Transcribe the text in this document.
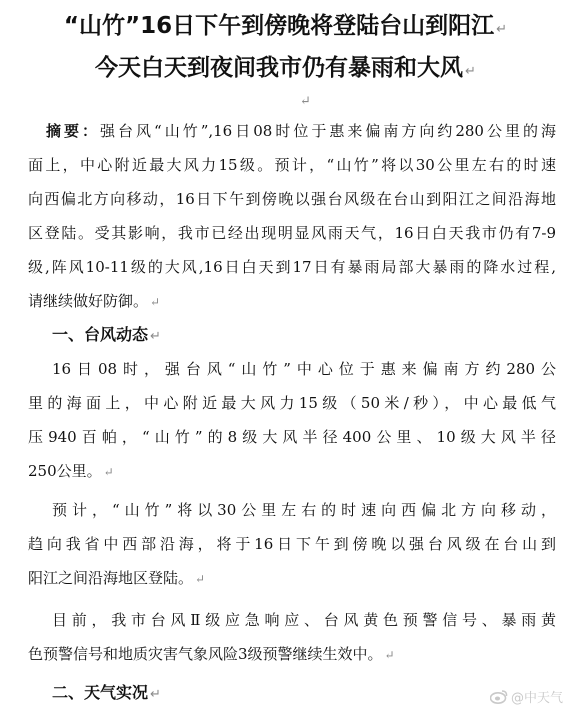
“山竹”16日下午到傍晚将登陆台山到阳江 ↵
今天白天到夜间我市仍有暴雨和大风 ↵
↵
摘要：强台风“山竹”,16日08时位于惠来偏南方向约280公里的海
面上，中心附近最大风力15级。预计，“山竹”将以30公里左右的时速
向西偏北方向移动，16日下午到傍晚以强台风级在台山到阳江之间沿海地
区登陆。受其影响，我市已经出现明显风雨天气，16日白天我市仍有7-9
级,阵风10-11级的大风,16日白天到17日有暴雨局部大暴雨的降水过程,
请继续做好防御。 ↵
一、台风动态 ↵
16日08时，强台风“山竹”中心位于惠来偏南方约280公
里的海面上，中心附近最大风力15级（50米/秒），中心最低气
压940百帕，“山竹”的8级大风半径400公里、10级大风半径
250公里。 ↵
预计，“山竹”将以30公里左右的时速向西偏北方向移动，
趋向我省中西部沿海，将于16日下午到傍晚以强台风级在台山到
阳江之间沿海地区登陆。 ↵
目前，我市台风Ⅱ级应急响应、台风黄色预警信号、暴雨黄
色预警信号和地质灾害气象风险3级预警继续生效中。 ↵
二、天气实况 ↵	@中天气
